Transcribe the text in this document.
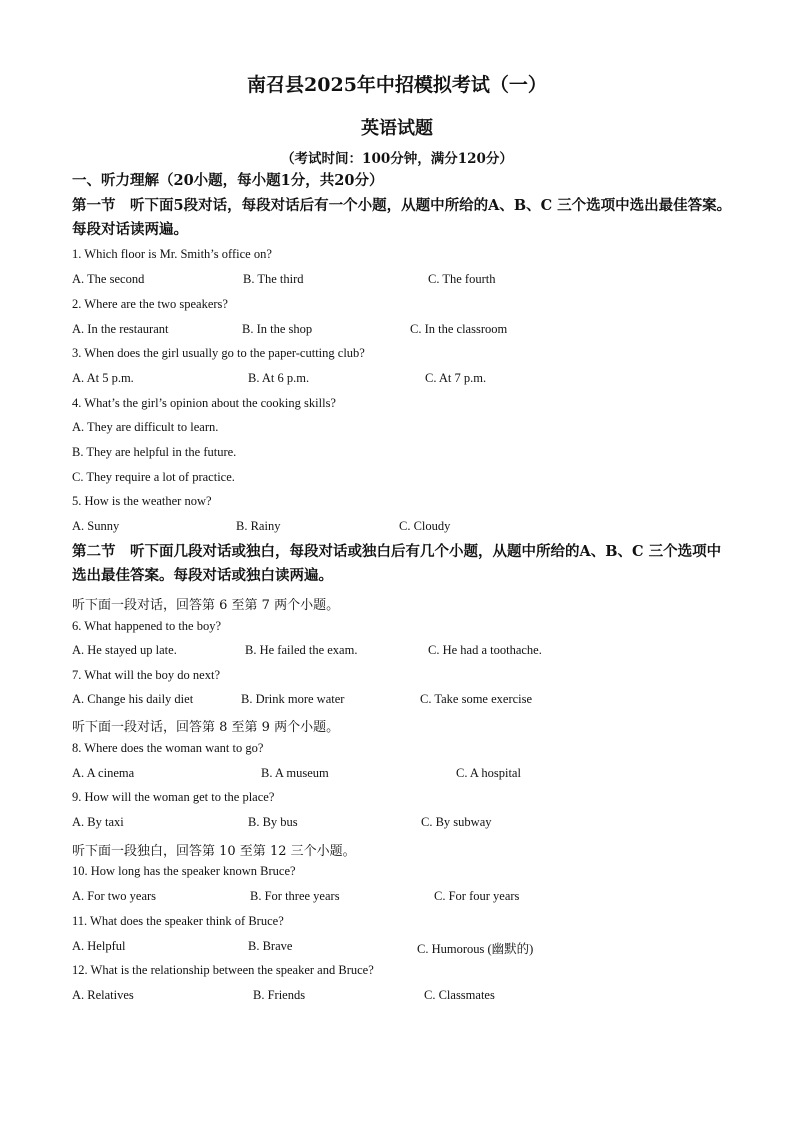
南召县2025年中招模拟考试（一）
英语试题
（考试时间：100分钟，满分120分）
一、听力理解（20小题，每小题1分，共20分）
第一节　听下面5段对话，每段对话后有一个小题，从题中所给的A、B、C 三个选项中选出最佳答案。每段对话读两遍。
1. Which floor is Mr. Smith’s office on?
A. The second	B. The third	C. The fourth
2. Where are the two speakers?
A. In the restaurant	B. In the shop	C. In the classroom
3. When does the girl usually go to the paper-cutting club?
A. At 5 p.m.	B. At 6 p.m.	C. At 7 p.m.
4. What’s the girl’s opinion about the cooking skills?
A. They are difficult to learn.
B. They are helpful in the future.
C. They require a lot of practice.
5. How is the weather now?
A. Sunny	B. Rainy	C. Cloudy
第二节　听下面几段对话或独白，每段对话或独白后有几个小题，从题中所给的A、B、C 三个选项中选出最佳答案。每段对话或独白读两遍。
听下面一段对话，回答第 6 至第 7 两个小题。
6. What happened to the boy?
A. He stayed up late.	B. He failed the exam.	C. He had a toothache.
7. What will the boy do next?
A. Change his daily diet	B. Drink more water	C. Take some exercise
听下面一段对话，回答第 8 至第 9 两个小题。
8. Where does the woman want to go?
A. A cinema	B. A museum	C. A hospital
9. How will the woman get to the place?
A. By taxi	B. By bus	C. By subway
听下面一段独白，回答第 10 至第 12 三个小题。
10. How long has the speaker known Bruce?
A. For two years	B. For three years	C. For four years
11. What does the speaker think of Bruce?
A. Helpful	B. Brave	C. Humorous (幽默的)
12. What is the relationship between the speaker and Bruce?
A. Relatives	B. Friends	C. Classmates
